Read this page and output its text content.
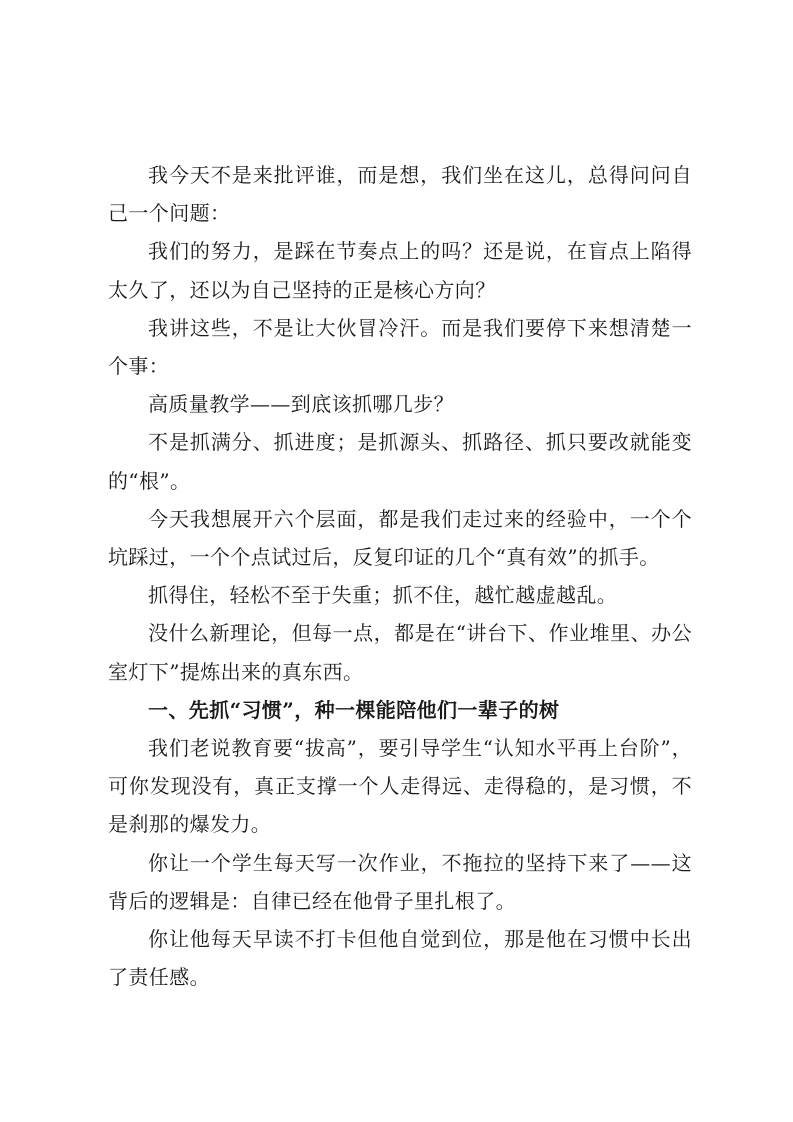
我今天不是来批评谁，而是想，我们坐在这儿，总得问问自己一个问题：

我们的努力，是踩在节奏点上的吗？还是说，在盲点上陷得太久了，还以为自己坚持的正是核心方向？

我讲这些，不是让大伙冒冷汗。而是我们要停下来想清楚一个事：

高质量教学——到底该抓哪几步？

不是抓满分、抓进度；是抓源头、抓路径、抓只要改就能变的“根”。

今天我想展开六个层面，都是我们走过来的经验中，一个个坑踩过，一个个点试过后，反复印证的几个“真有效”的抓手。

抓得住，轻松不至于失重；抓不住，越忙越虚越乱。

没什么新理论，但每一点，都是在“讲台下、作业堆里、办公室灯下”提炼出来的真东西。

一、先抓“习惯”，种一棵能陪他们一辈子的树

我们老说教育要“拔高”，要引导学生“认知水平再上台阶”，可你发现没有，真正支撑一个人走得远、走得稳的，是习惯，不是刹那的爆发力。

你让一个学生每天写一次作业，不拖拉的坚持下来了——这背后的逻辑是：自律已经在他骨子里扎根了。

你让他每天早读不打卡但他自觉到位，那是他在习惯中长出了责任感。
